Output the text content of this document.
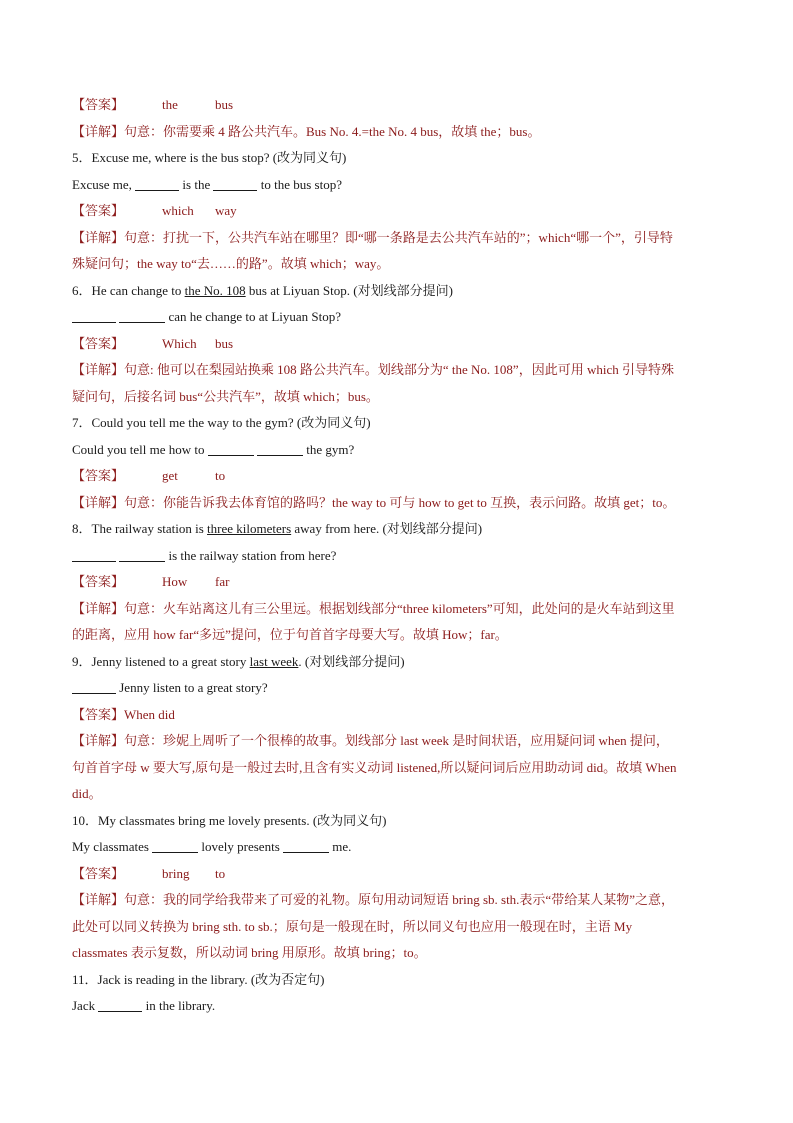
【答案】	the	bus
【详解】句意：你需要乘 4 路公共汽车。Bus No. 4.=the No. 4 bus，故填 the；bus。
5．Excuse me, where is the bus stop? (改为同义句)
Excuse me,	is the	to the bus stop?
【答案】	which way
【详解】句意：打扰一下，公共汽车站在哪里？即“哪一条路是去公共汽车站的”；which“哪一个”，引导特
殊疑问句；the way to“去……的路”。故填 which；way。
6．He can change to the No. 108 bus at Liyuan Stop. (对划线部分提问)
can he change to at Liyuan Stop?
【答案】	Which bus
【详解】句意: 他可以在梨园站换乘 108 路公共汽车。划线部分为“ the No. 108”，因此可用 which 引导特殊
疑问句，后接名词 bus“公共汽车”，故填 which；bus。
7．Could you tell me the way to the gym? (改为同义句)
Could you tell me how to	the gym?
【答案】	get	to
【详解】句意：你能告诉我去体育馆的路吗？the way to 可与 how to get to 互换，表示问路。故填 get；to。
8．The railway station is three kilometers away from here. (对划线部分提问)
is the railway station from here?
【答案】	How far
【详解】句意：火车站离这儿有三公里远。根据划线部分“three kilometers”可知，此处问的是火车站到这里
的距离，应用 how far“多远”提问，位于句首首字母要大写。故填 How；far。
9．Jenny listened to a great story last week. (对划线部分提问)
Jenny listen to a great story?
【答案】When did
【详解】句意：珍妮上周听了一个很棒的故事。划线部分 last week 是时间状语，应用疑问词 when 提问，
句首首字母 w 要大写,原句是一般过去时,且含有实义动词 listened,所以疑问词后应用助动词 did。故填 When
did。
10．My classmates bring me lovely presents. (改为同义句)
My classmates	lovely presents	me.
【答案】	bring to
【详解】句意：我的同学给我带来了可爱的礼物。原句用动词短语 bring sb. sth.表示“带给某人某物”之意，
此处可以同义转换为 bring sth. to sb.；原句是一般现在时，所以同义句也应用一般现在时，主语 My
classmates 表示复数，所以动词 bring 用原形。故填 bring；to。
11．Jack is reading in the library. (改为否定句)
Jack	in the library.
